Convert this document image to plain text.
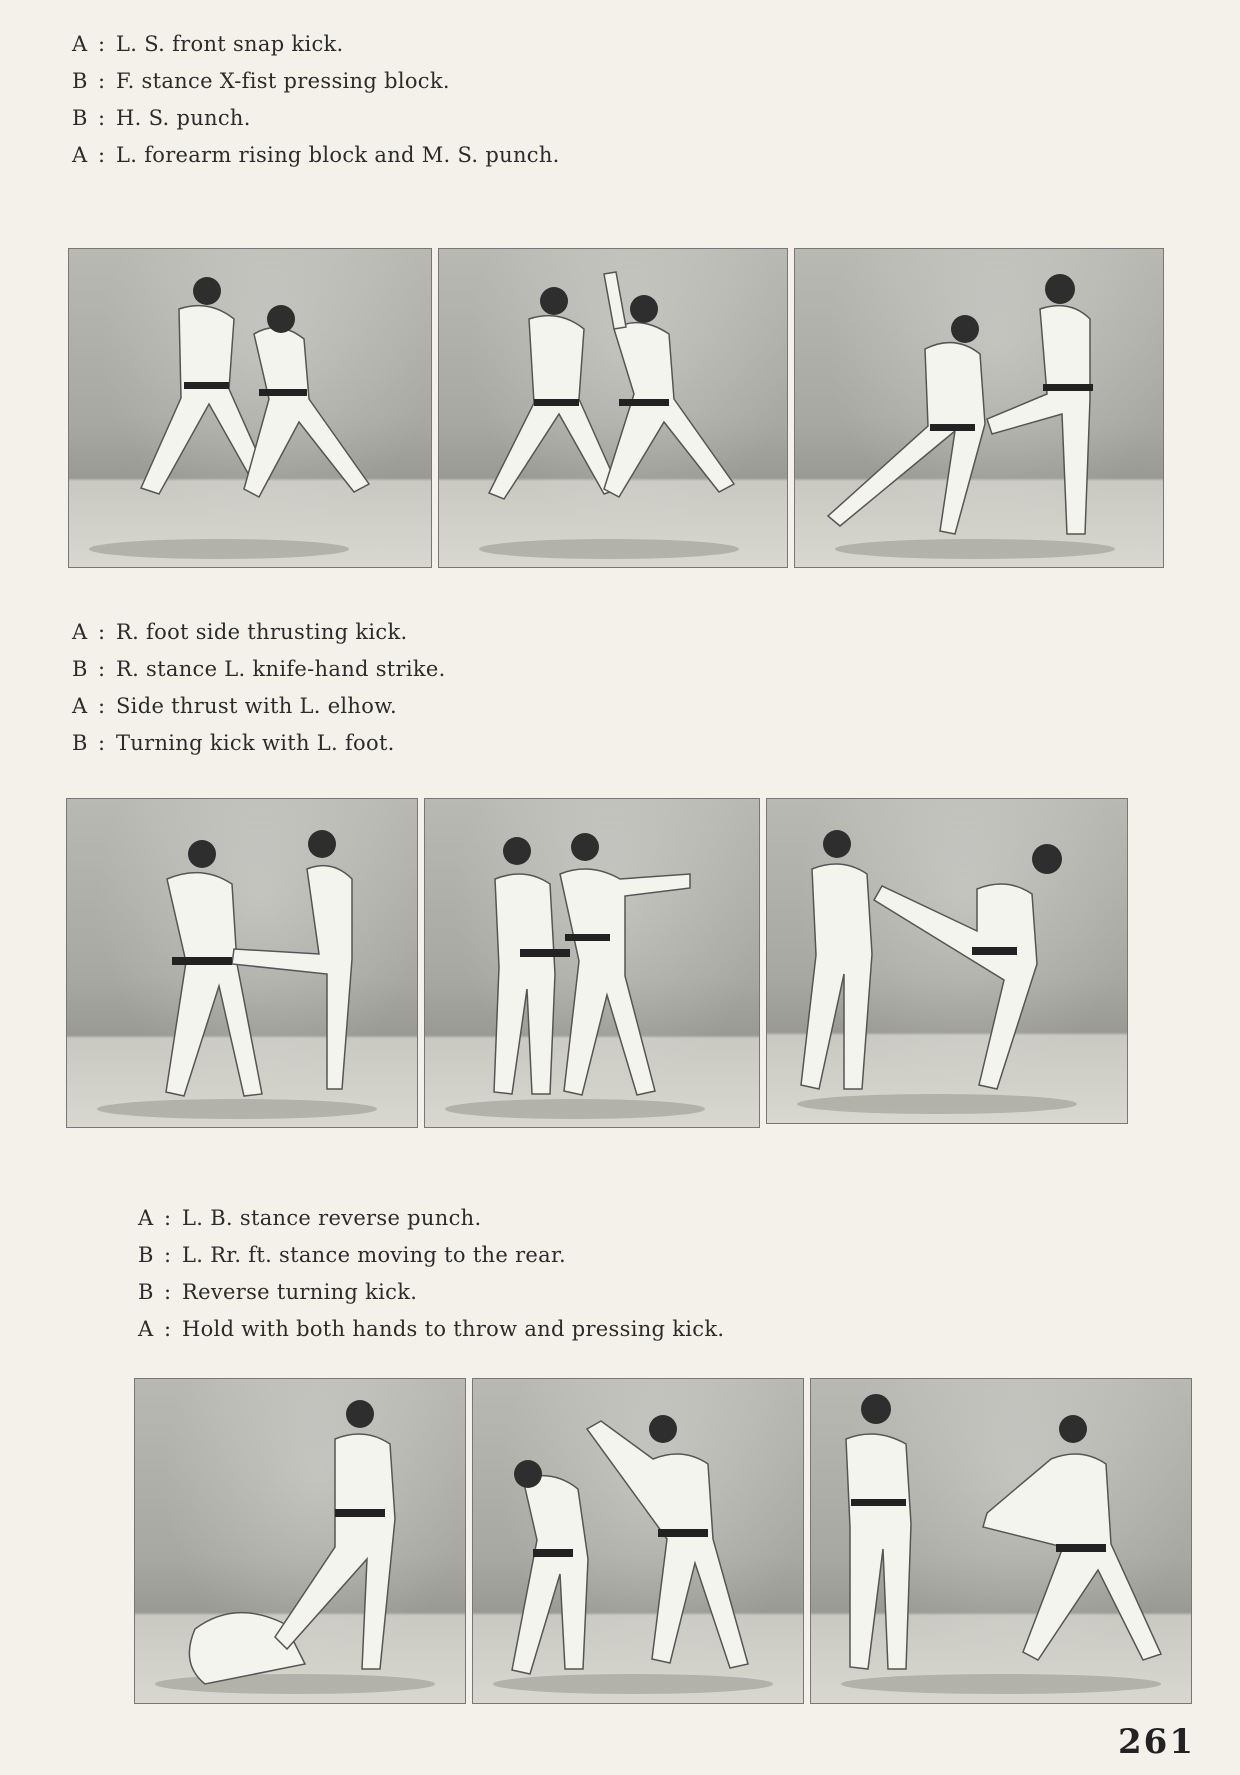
A : L. S. front snap kick.
B : F. stance X-fist pressing block.
B : H. S. punch.
A : L. forearm rising block and M. S. punch.
A : R. foot side thrusting kick.
B : R. stance L. knife-hand strike.
A : Side thrust with L. elhow.
B : Turning kick with L. foot.
A : L. B. stance reverse punch.
B : L. Rr. ft. stance moving to the rear.
B : Reverse turning kick.
A : Hold with both hands to throw and pressing kick.
261
